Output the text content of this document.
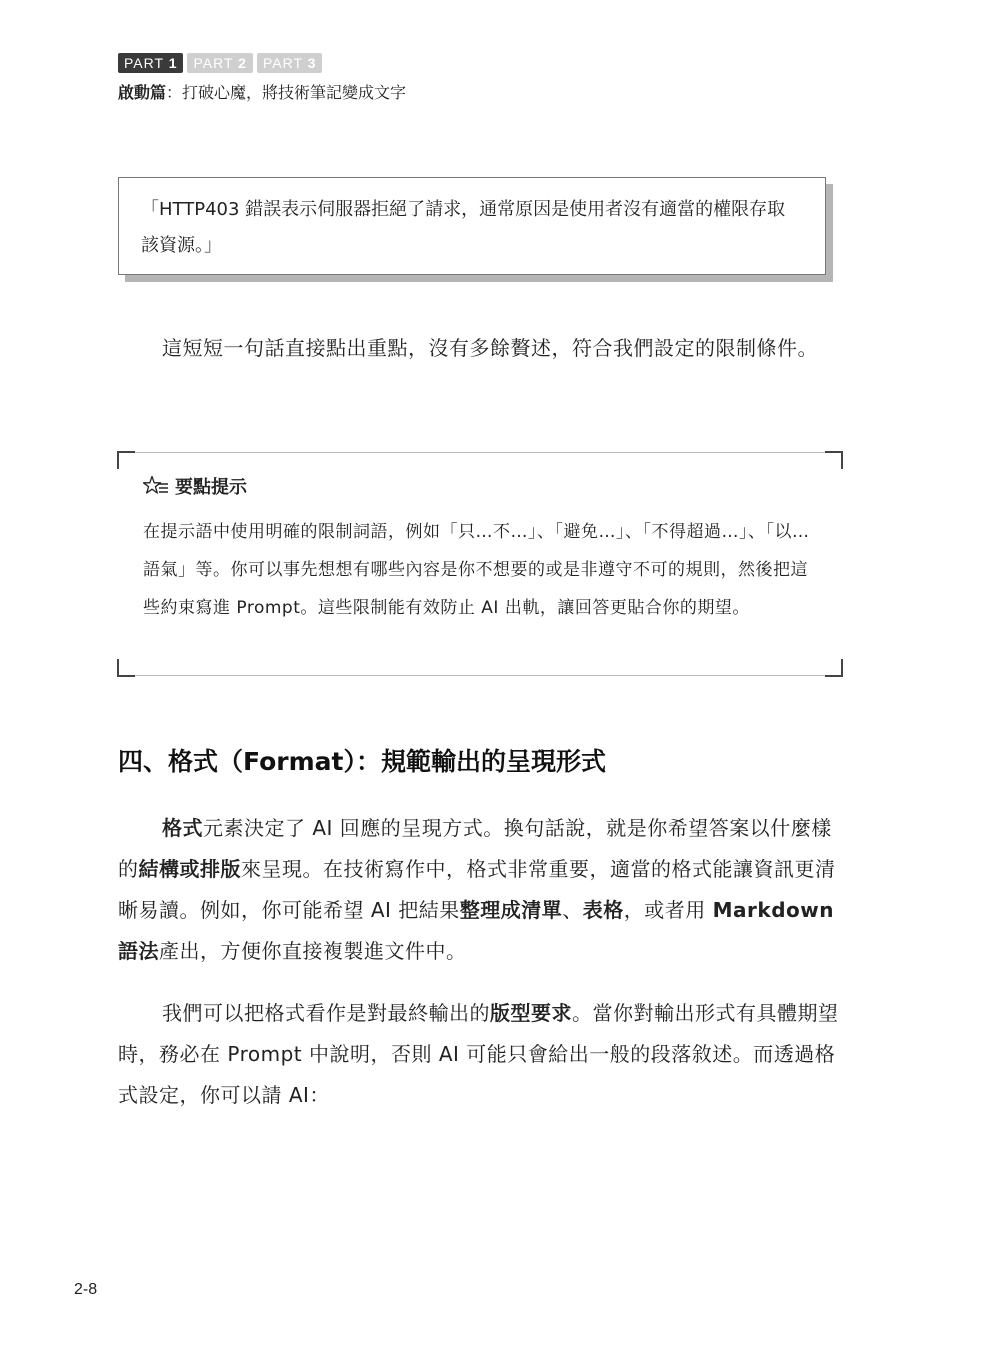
PART 1	PART 2	PART 3
啟動篇：打破心魔，將技術筆記變成文字

「HTTP403 錯誤表示伺服器拒絕了請求，通常原因是使用者沒有適當的權限存取該資源。」

這短短一句話直接點出重點，沒有多餘贅述，符合我們設定的限制條件。

要點提示

在提示語中使用明確的限制詞語，例如「只…不…」、「避免…」、「不得超過…」、「以…語氣」等。你可以事先想想有哪些內容是你不想要的或是非遵守不可的規則，然後把這些約束寫進 Prompt。這些限制能有效防止 AI 出軌，讓回答更貼合你的期望。

四、格式（Format）：規範輸出的呈現形式

格式元素決定了 AI 回應的呈現方式。換句話說，就是你希望答案以什麼樣的結構或排版來呈現。在技術寫作中，格式非常重要，適當的格式能讓資訊更清晰易讀。例如，你可能希望 AI 把結果整理成清單、表格，或者用 Markdown 語法產出，方便你直接複製進文件中。

我們可以把格式看作是對最終輸出的版型要求。當你對輸出形式有具體期望時，務必在 Prompt 中說明，否則 AI 可能只會給出一般的段落敘述。而透過格式設定，你可以請 AI：

2-8
